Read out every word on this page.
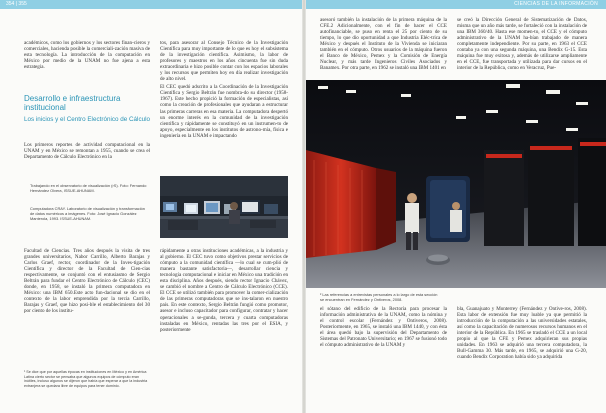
354 | 355	CIENCIAS DE LA INFORMACIÓN

académicos, como los gobiernos y los sectores finan-cieros y comerciales, hacienda posible la comerciali-zación masiva de esta tecnología. La introducción de la computación en México por medio de la UNAM no fue ajena a esta estrategia.

Desarrollo e infraestructura institucional
Los inicios y el Centro Electrónico de Cálculo

Los primeros reportes de actividad computacional en la UNAM y en México se remontan a 1955, cuando se crea el Departamento de Cálculo Electrónico en la

tos, para asesorar al Consejo Técnico de la Investigación Científica para muy importante de lo que es hoy el subsistema de la investigación científica. Asimismo, la labor de profesores y maestros en los años cincuenta fue sin duda extraordinaria e hizo posible contar con los espacios laborales y los recursos que permiten hoy en día realizar investigación de alto nivel.

El CEC quedó adscrito a la Coordinación de la Investigación Científica y Sergio Beltrán fue nombra-do su director (1958-1967). Este hecho propició la formación de especialistas, así como la creación de profesionales que ayudaran a estructurar las primeras carreras en esa materia. La computadora despertó un enorme interés en la comunidad de la investigación científica y rápidamente se constituyó en un instrumen-to de apoyo, especialmente en los institutos de astrono-mía, física e ingeniería en la UNAM e impactando

Trabajando en el observatorio de visualización (rS). Foto: Fernando Hernández Olvera, ISSUE-AHUNAM.
Computadora CRAY. Laboratorio de visualización y transformación de datos numéricos a imágenes. Foto: José Ignacio González Manterola, 1993. ISSUE-AHUNAM.

Facultad de Ciencias. Tres años después la visita de tres grandes universitarios, Nabor Carrillo, Alberto Barajas y Carlos Graef, rector, coordinador de la Inves-tigación Científica y director de la Facultad de Cien-cias respectivamente, se conjuntó con el entusiasmo de Sergio Beltrán para fundar el Centro Electrónico de Cálculo (CEC) donde, en 1958, se instaló la primera computadora en México: una IBM 650.Este acto fun-dacional se dio en el contexto de la labor emprendida por la tercia Carrillo, Barajas y Graef, que hizo posi-ble el establecimiento del 30 por ciento de los institu-

¹ Se dice que por aquellas épocas en instituciones en México y en América Latina cierto sector se pensaba que algunos equipos de cómputo eran inútiles, incluso algunos se dijeron que había que esperar a que la industria extranjera se quedara libre de equipos para tener dominio.

rápidamente a otras instituciones académicas, a la industria y al gobierno. El CEC tuvo como objetivos prestar servicios de cómputo a la comunidad científica —lo cual se cum-plió de manera bastante satisfactoria—, desarrollar ciencia y tecnología computacional e iniciar en México una tradición en esta disciplina. Años después, siendo rector Ignacio Chávez, se cambió el nombre a Centro de Cálculo Electrónico (CCE). El CCE se utilizó también para promover la comer-cialización de las primeras computadoras que se ins-talaron en nuestro país. En este contexto, Sergio Beltrán fungió como promotor, asesor e incluso capacitador para configurar, contratar y hacer operacionales a se-gunda, tercera y cuarta computadoras instaladas en México, rentadas las tres por el ESIA, y posteriormente

asesoró también la instalación de la primera máquina de la CFE.2 Adicionalmente, con el fin de hacer el CCE autofinanciable, se puso en renta el 25 por ciento de su tiempo, lo que dio oportunidad a que Industria Eléc-trica de México y después el Instituto de la Vivienda se iniciaran también en el cómputo. Otros usuarios de la máquina fueron el Banco de México, Pemex y la Comisión de Energía Nuclear, y más tarde Ingenieros Civiles Asociados y Banamex. Por otra parte, en 1962 se instaló una IBM 1401 en

se creó la Dirección General de Sistematización de Datos, misma que un año más tarde, se fortaleció con la instalación de una IBM 360/40. Hasta ese momen-to, el CCE y el cómputo administrativo de la UNAM ha-bían trabajado de manera completamente independiente. Por su parte, en 1963 el CCE contaba ya con una segunda máquina, una Bendix G-15. Esta máquina fue muy exitosa y, además de utilizarse ampliamente en el CCE, fue transportada y utilizada para dar cursos en el interior de la República, como en Veracruz, Pue-

² Las referencias a entrevistas personales a lo largo de esta sección se encuentran en Fernández y Ontiveros, 2008.

el sótano del edificio de la Rectoría para procesar la información administrativa de la UNAM, como la nómina y el control escolar (Fernández y Ontiveros, 2008). Posteriormente, en 1965, se instaló una IBM 1440, y con ésta el área quedó bajo la supervisión del Departamento de Sistemas del Patronato Universitario; en 1967 se fusionó todo el cómputo administrativo de la UNAM y

bla, Guanajuato y Monterrey (Fernández y Ontive-ros, 2008). Esta labor de extensión fue muy loable ya que permitió la introducción de la computación a las universidades estatales, así como la capacitación de numerosos recursos humanos en el interior de la República. En 1965 se trasladó el CCE a un local propio al que la CFE y Pemex adquirieran sus propias unidades. En 1963 se adquirió una tercera computadora, la Bull-Gamma 30. Más tarde, en 1965, se adquirió una G-20, cuando Bendix Corporation había sido ya adquirida
